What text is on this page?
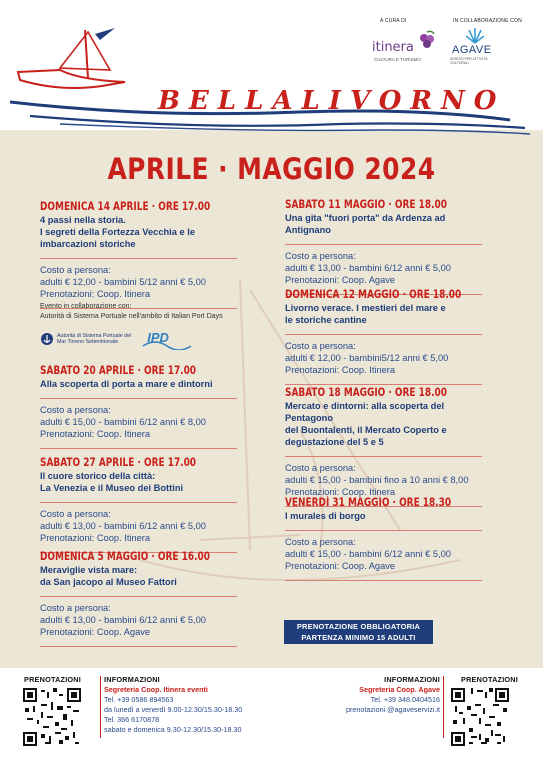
BELLALIVORNO
A CURA DI	IN COLLABORAZIONE CON
itinera
CULTURA E TURISMO
AGAVE
SERVIZI PER ATTIVITÀ CULTURALI
APRILE · MAGGIO 2024
DOMENICA 14 APRILE · ORE 17.00
4 passi nella storia.
I segreti della Fortezza Vecchia e le
imbarcazioni storiche
Costo a persona:
adulti € 12,00 - bambini 5/12 anni € 5,00
Prenotazioni: Coop. Itinera
Evento in collaborazione con:
Autorità di Sistema Portuale nell'ambito di Italian Port Days
Autorità di Sistema Portuale del
Mar Tirreno Settentrionale	IPD
SABATO 20 APRILE · ORE 17.00
Alla scoperta di porta a mare e dintorni
Costo a persona:
adulti € 15,00 - bambini 6/12 anni € 8,00
Prenotazioni: Coop. Itinera
SABATO 27 APRILE · ORE 17.00
Il cuore storico della città:
La Venezia e il Museo dei Bottini
Costo a persona:
adulti € 13,00 - bambini 6/12 anni € 5,00
Prenotazioni: Coop. Itinera
DOMENICA 5 MAGGIO · ORE 16.00
Meraviglie vista mare:
da San jacopo al Museo Fattori
Costo a persona:
adulti € 13,00 - bambini 6/12 anni € 5,00
Prenotazioni: Coop. Agave
SABATO 11 MAGGIO · ORE 18.00
Una gita "fuori porta" da Ardenza ad Antignano
Costo a persona:
adulti € 13,00 - bambini 6/12 anni € 5,00
Prenotazioni: Coop. Agave
DOMENICA 12 MAGGIO · ORE 18.00
Livorno verace. I mestieri del mare e
le storiche cantine
Costo a persona:
adulti € 12,00 - bambini5/12 anni € 5,00
Prenotazioni: Coop. Itinera
SABATO 18 MAGGIO · ORE 18.00
Mercato e dintorni: alla scoperta del Pentagono
del Buontalenti, il Mercato Coperto e
degustazione del 5 e 5
Costo a persona:
adulti € 15,00 - bambini fino a 10 anni € 8,00
Prenotazioni: Coop. Itinera
VENERDÌ 31 MAGGIO · ORE 18.30
I murales di borgo
Costo a persona:
adulti € 15,00 - bambini 6/12 anni € 5,00
Prenotazioni: Coop. Agave
PRENOTAZIONE OBBLIGATORIA
PARTENZA MINIMO 15 ADULTI
PRENOTAZIONI	INFORMAZIONI
Segreteria Coop. Itinera eventi
Tel. +39 0586 894563
da lunedì a venerdì 9.00-12.30/15.30-18.30
Tel. 366 6170878
sabato e domenica 9.30-12.30/15.30-18.30
INFORMAZIONI
Segreteria Coop. Agave
Tel. +39 348.0404516
prenotazioni @agaveservizi.it
PRENOTAZIONI
